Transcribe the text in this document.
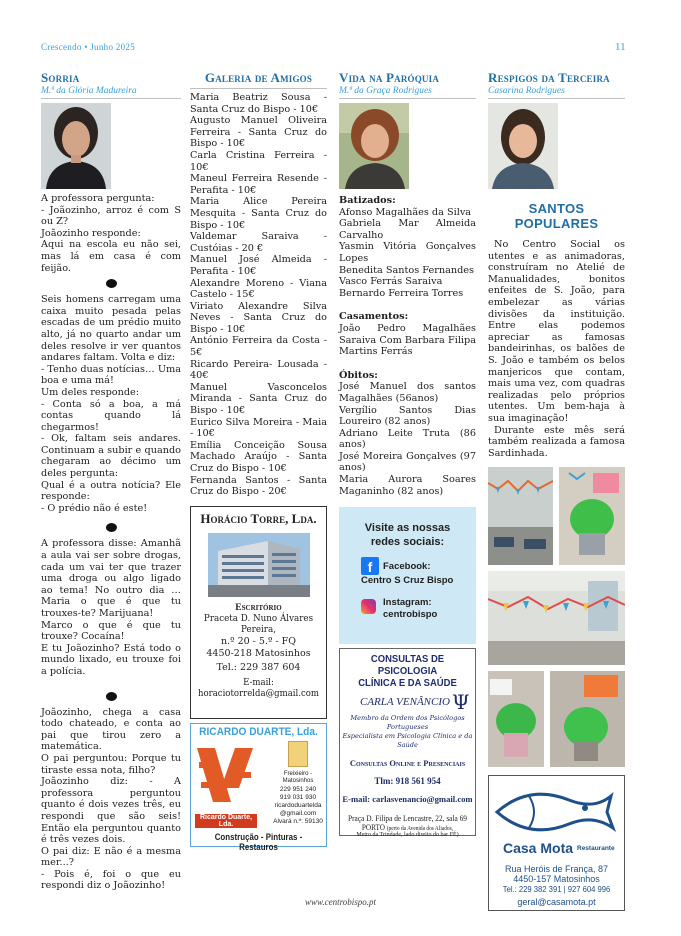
Crescendo • Junho 2025	11
Sorria
M.ª da Glória Madureira

A professora pergunta:

- Joãozinho, arroz é com S ou Z?

Joãozinho responde:

Aqui na escola eu não sei, mas lá em casa é com feijão.

Seis homens carregam uma caixa muito pesada pelas escadas de um prédio muito alto, já no quarto andar um deles resolve ir ver quantos andares faltam. Volta e diz:

- Tenho duas notícias… Uma boa e uma má!

Um deles responde:

- Conta só a boa, a má contas quando lá chegarmos!

- Ok, faltam seis andares. Continuam a subir e quando chegaram ao décimo um deles pergunta:

Qual é a outra notícia? Ele responde:

- O prédio não é este!

A professora disse: Amanhã a aula vai ser sobre drogas, cada um vai ter que trazer uma droga ou algo ligado ao tema! No outro dia … Maria o que é que tu trouxes-te? Marijuana!

Marco o que é que tu trouxe? Cocaína!

E tu Joãozinho? Está todo o mundo lixado, eu trouxe foi a polícia.

Joãozinho, chega a casa todo chateado, e conta ao pai que tirou zero a matemática.

O pai perguntou: Porque tu tiraste essa nota, filho?

Joãozinho diz: - A professora perguntou quanto é dois vezes três, eu respondi que são seis! Então ela perguntou quanto é três vezes dois.

O pai diz: E não é a mesma mer...?

- Pois é, foi o que eu respondi diz o Joãozinho!

Galeria de Amigos

Maria Beatriz Sousa - Santa Cruz do Bispo - 10€

Augusto Manuel Oliveira Ferreira - Santa Cruz do Bispo - 10€

Carla Cristina Ferreira - 10€

Maneul Ferreira Resende - Perafita - 10€

Maria Alice Pereira Mesquita - Santa Cruz do Bispo - 10€

Valdemar Saraiva - Custóias - 20 €

Manuel José Almeida - Perafita - 10€

Alexandre Moreno - Viana Castelo - 15€

Viriato Alexandre Silva Neves - Santa Cruz do Bispo - 10€

António Ferreira da Costa - 5€

Ricardo Pereira- Lousada - 40€

Manuel Vasconcelos Miranda - Santa Cruz do Bispo - 10€

Eurico Silva Moreira - Maia - 10€

Emília Conceição Sousa Machado Araújo - Santa Cruz do Bispo - 10€

Fernanda Santos - Santa Cruz do Bispo - 20€

Horácio Torre, Lda.
Escritório
Praceta D. Nuno Álvares Pereira,
n.º 20 - 5.º - FQ
4450-218 Matosinhos
Tel.: 229 387 604
E-mail: horaciotorrelda@gmail.com
RICARDO DUARTE, Lda.
Ricardo Duarte, Lda.
Freixieiro - Matosinhos
229 951 240
919 031 930
ricardoduartelda
@gmail.com
Alvará n.º: 59130
Construção - Pinturas - Restauros
Vida na Paróquia
M.ª da Graça Rodrigues

Batizados:

Afonso Magalhães da Silva

Gabriela Mar Almeida Carvalho

Yasmin Vitória Gonçalves Lopes

Benedita Santos Fernandes

Vasco Ferrás Saraiva

Bernardo Ferreira Torres

Casamentos:

João Pedro Magalhães Saraiva Com Barbara Filipa Martins Ferrás

Óbitos:

José Manuel dos santos Magalhães (56anos)

Vergílio Santos Dias Loureiro (82 anos)

Adriano Leite Truta (86 anos)

José Moreira Gonçalves (97 anos)

Maria Aurora Soares Maganinho (82 anos)

Visite as nossas
redes sociais:
f	Facebook:
Centro S Cruz Bispo
Instagram:
centrobispo
CONSULTAS DE PSICOLOGIA
CLÍNICA E DA SAÚDE
CARLA VENÂNCIO Ψ
Membro da Ordem dos Psicólogos Portugueses
Especialista em Psicologia Clínica e da Saúde
Consultas Online e Presenciais
Tlm: 918 561 954
E-mail: carlasvenancio@gmail.com
Praça D. Filipa de Lencastre, 22, sala 69
PORTO (perto da Avenida dos Aliados,
Metro da Trindade, lado direito do bar FÉ)
Respigos da Terceira
Casarina Rodrigues
SANTOS POPULARES
No Centro Social os utentes e as animadoras, construíram no Atelié de Manualidades, bonitos enfeites de S. João, para embelezar as várias divisões da instituição. Entre elas podemos apreciar as famosas bandeirinhas, os balões de S. João e também os belos manjericos que contam, mais uma vez, com quadras realizadas pelo próprios utentes. Um bem-haja à sua imaginação!
Durante este mês será também realizada a famosa Sardinhada.
Casa Mota Restaurante
Rua Heróis de França, 87
4450-157 Matosinhos
Tel.: 229 382 391 | 927 604 996
geral@casamota.pt
www.centrobispo.pt
